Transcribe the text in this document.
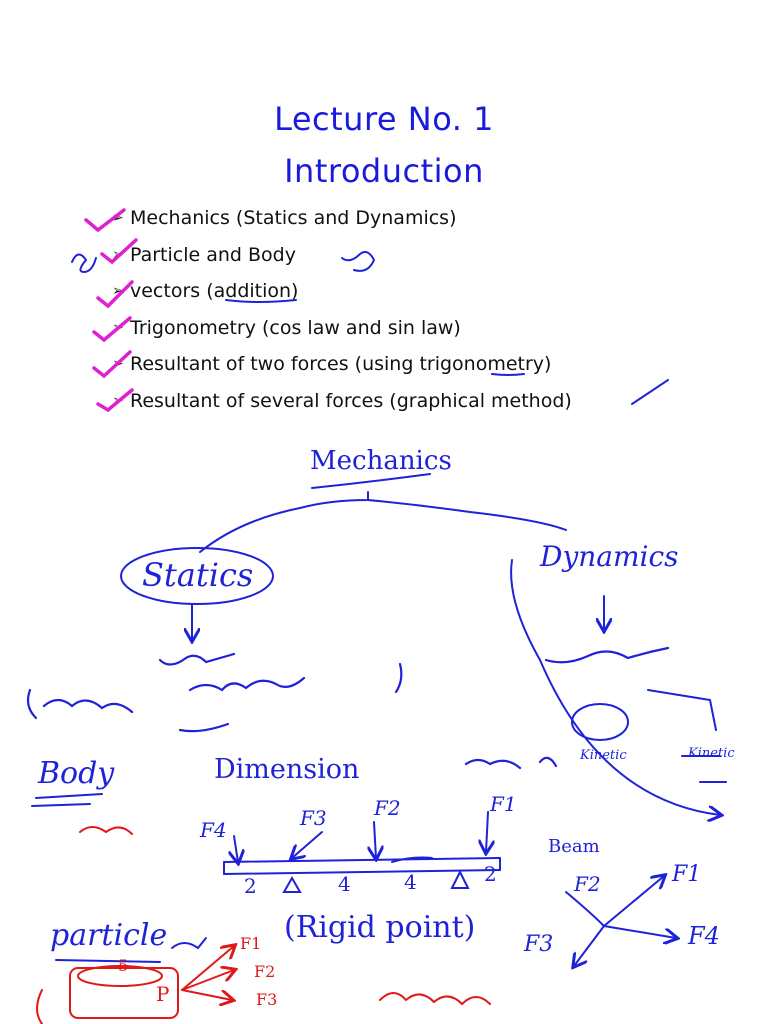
Lecture No. 1
Introduction
➢ Mechanics (Statics and Dynamics)
➢ Particle and Body
➢ vectors (addition)
➢ Trigonometry (cos law and sin law)
➢ Resultant of two forces (using trigonometry)
➢ Resultant of several forces (graphical method)
Mechanics
Statics	Dynamics
Kinetic	Kinetic
Body	Dimension
F4	F3 F2	F1
2	4	4	2
Beam
F1
F2
F3	F4
particle	(Rigid point)
5
P
F1
F2
F3
